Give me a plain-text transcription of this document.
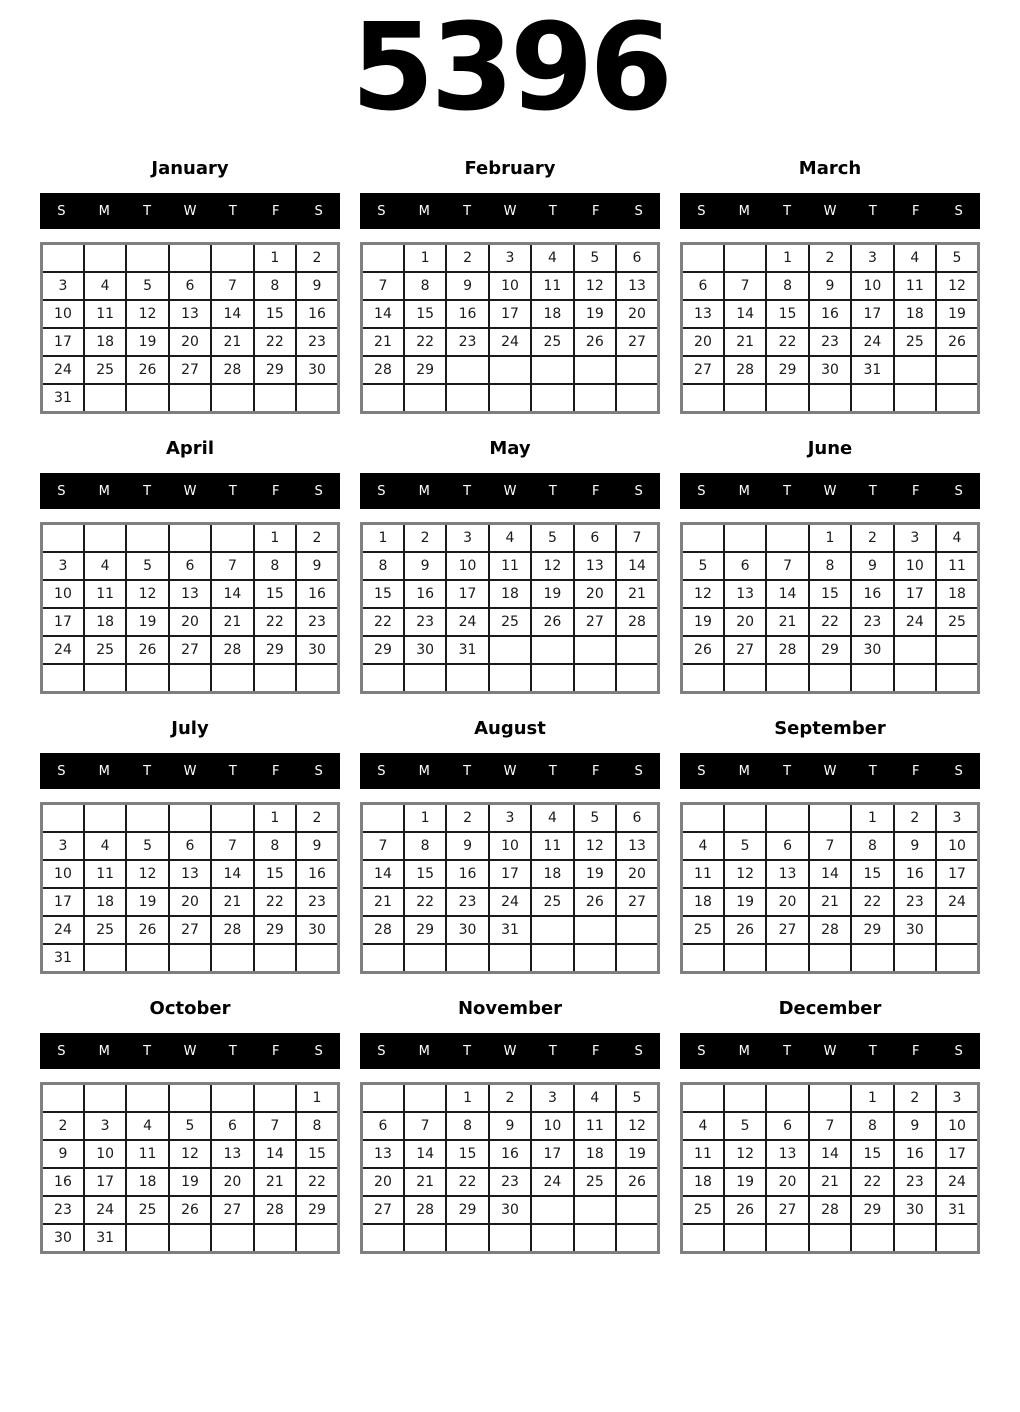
5396
January
S	M	T	W	T	F	S
					1	2
3	4	5	6	7	8	9
10	11	12	13	14	15	16
17	18	19	20	21	22	23
24	25	26	27	28	29	30
31						
February
S	M	T	W	T	F	S
	1	2	3	4	5	6
7	8	9	10	11	12	13
14	15	16	17	18	19	20
21	22	23	24	25	26	27
28	29					

March
S	M	T	W	T	F	S
		1	2	3	4	5
6	7	8	9	10	11	12
13	14	15	16	17	18	19
20	21	22	23	24	25	26
27	28	29	30	31		

April
S	M	T	W	T	F	S
					1	2
3	4	5	6	7	8	9
10	11	12	13	14	15	16
17	18	19	20	21	22	23
24	25	26	27	28	29	30

May
S	M	T	W	T	F	S
1	2	3	4	5	6	7
8	9	10	11	12	13	14
15	16	17	18	19	20	21
22	23	24	25	26	27	28
29	30	31				

June
S	M	T	W	T	F	S
			1	2	3	4
5	6	7	8	9	10	11
12	13	14	15	16	17	18
19	20	21	22	23	24	25
26	27	28	29	30		

July
S	M	T	W	T	F	S
					1	2
3	4	5	6	7	8	9
10	11	12	13	14	15	16
17	18	19	20	21	22	23
24	25	26	27	28	29	30
31						
August
S	M	T	W	T	F	S
	1	2	3	4	5	6
7	8	9	10	11	12	13
14	15	16	17	18	19	20
21	22	23	24	25	26	27
28	29	30	31			

September
S	M	T	W	T	F	S
				1	2	3
4	5	6	7	8	9	10
11	12	13	14	15	16	17
18	19	20	21	22	23	24
25	26	27	28	29	30	

October
S	M	T	W	T	F	S
						1
2	3	4	5	6	7	8
9	10	11	12	13	14	15
16	17	18	19	20	21	22
23	24	25	26	27	28	29
30	31					
November
S	M	T	W	T	F	S
		1	2	3	4	5
6	7	8	9	10	11	12
13	14	15	16	17	18	19
20	21	22	23	24	25	26
27	28	29	30			

December
S	M	T	W	T	F	S
				1	2	3
4	5	6	7	8	9	10
11	12	13	14	15	16	17
18	19	20	21	22	23	24
25	26	27	28	29	30	31
